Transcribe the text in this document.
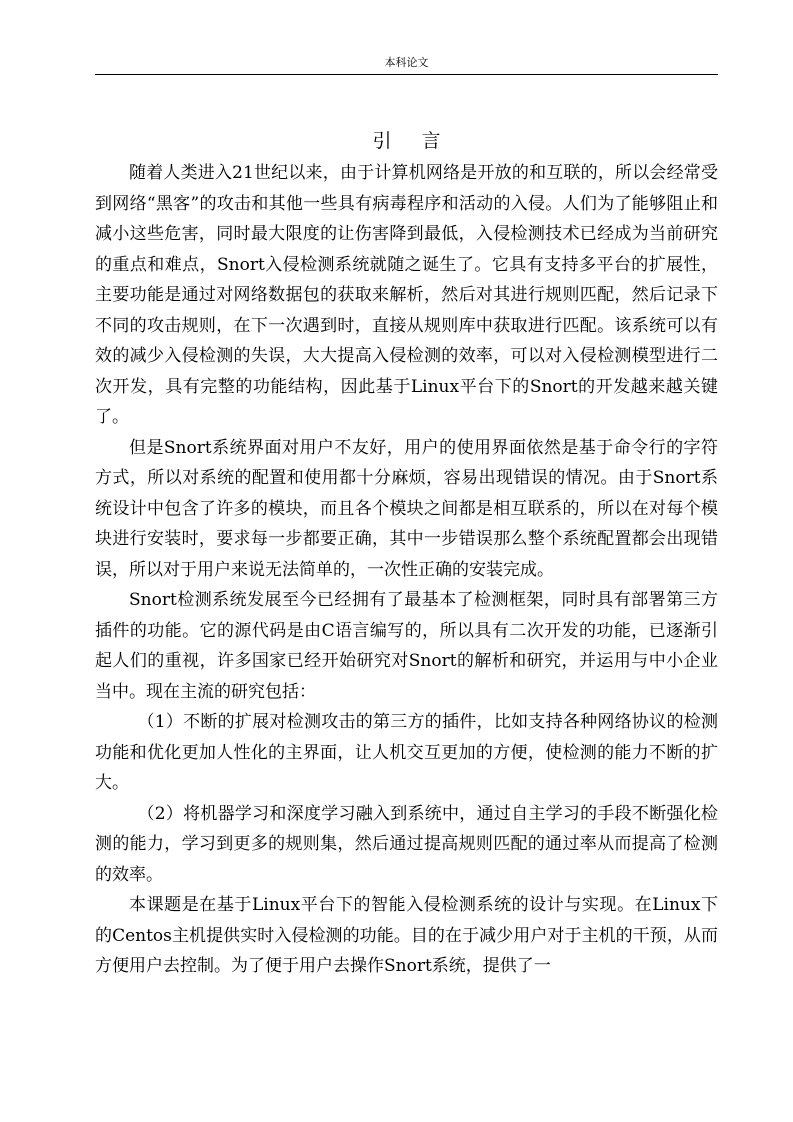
本科论文
引言

随着人类进入21世纪以来，由于计算机网络是开放的和互联的，所以会经常受到网络“黑客”的攻击和其他一些具有病毒程序和活动的入侵。人们为了能够阻止和减小这些危害，同时最大限度的让伤害降到最低，入侵检测技术已经成为当前研究的重点和难点，Snort入侵检测系统就随之诞生了。它具有支持多平台的扩展性，主要功能是通过对网络数据包的获取来解析，然后对其进行规则匹配，然后记录下不同的攻击规则，在下一次遇到时，直接从规则库中获取进行匹配。该系统可以有效的减少入侵检测的失误，大大提高入侵检测的效率，可以对入侵检测模型进行二次开发，具有完整的功能结构，因此基于Linux平台下的Snort的开发越来越关键了。

但是Snort系统界面对用户不友好，用户的使用界面依然是基于命令行的字符方式，所以对系统的配置和使用都十分麻烦，容易出现错误的情况。由于Snort系统设计中包含了许多的模块，而且各个模块之间都是相互联系的，所以在对每个模块进行安装时，要求每一步都要正确，其中一步错误那么整个系统配置都会出现错误，所以对于用户来说无法简单的，一次性正确的安装完成。

Snort检测系统发展至今已经拥有了最基本了检测框架，同时具有部署第三方插件的功能。它的源代码是由C语言编写的，所以具有二次开发的功能，已逐渐引起人们的重视，许多国家已经开始研究对Snort的解析和研究，并运用与中小企业当中。现在主流的研究包括：

（1）不断的扩展对检测攻击的第三方的插件，比如支持各种网络协议的检测功能和优化更加人性化的主界面，让人机交互更加的方便，使检测的能力不断的扩大。

（2）将机器学习和深度学习融入到系统中，通过自主学习的手段不断强化检测的能力，学习到更多的规则集，然后通过提高规则匹配的通过率从而提高了检测的效率。

本课题是在基于Linux平台下的智能入侵检测系统的设计与实现。在Linux下的Centos主机提供实时入侵检测的功能。目的在于减少用户对于主机的干预，从而方便用户去控制。为了便于用户去操作Snort系统，提供了一
